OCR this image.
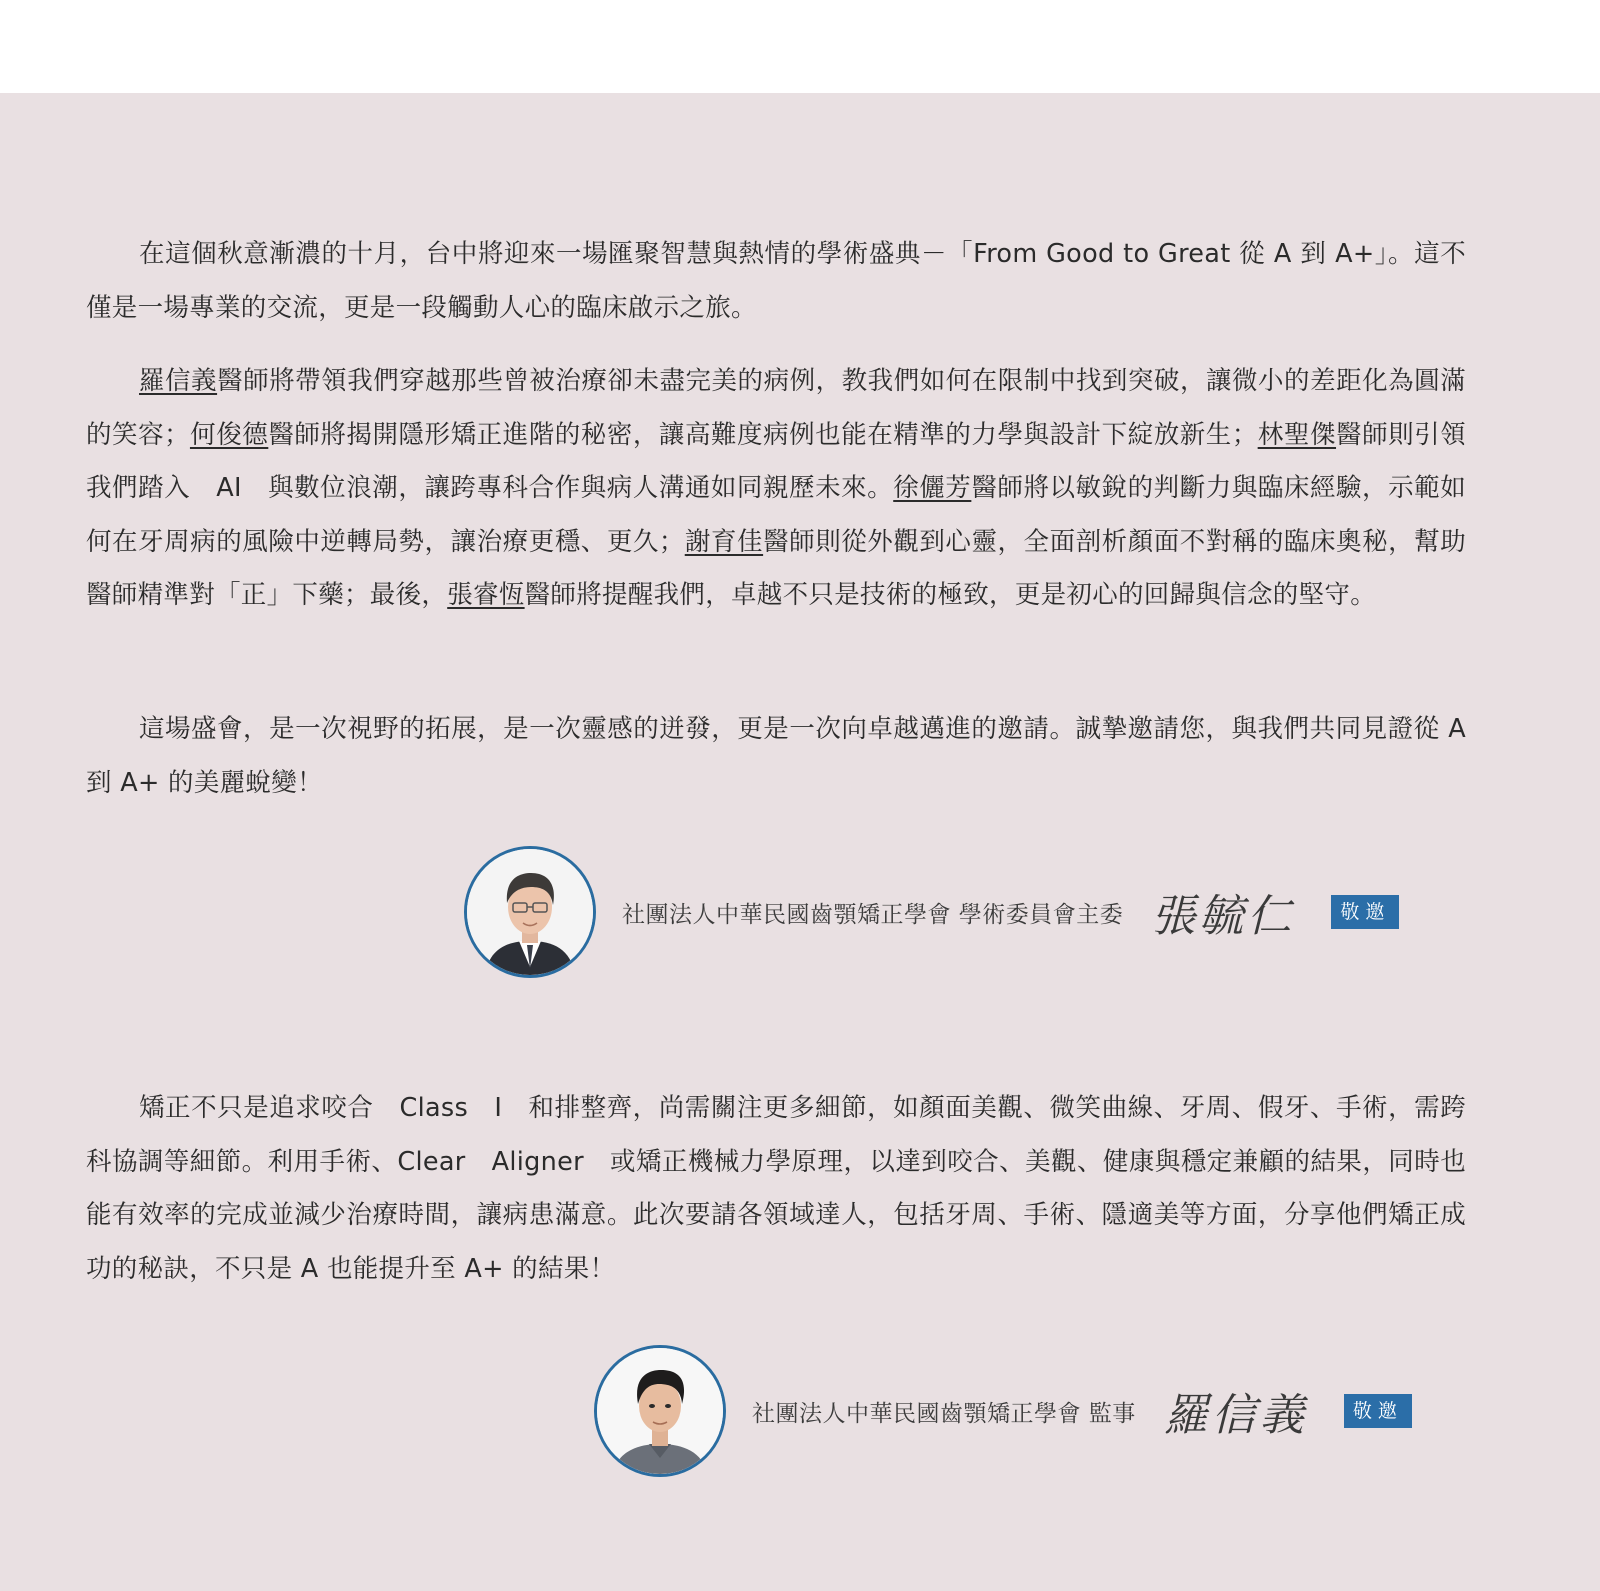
在這個秋意漸濃的十月，台中將迎來一場匯聚智慧與熱情的學術盛典－「From Good to Great 從 A 到 A+」。這不僅是一場專業的交流，更是一段觸動人心的臨床啟示之旅。

羅信義醫師將帶領我們穿越那些曾被治療卻未盡完美的病例，教我們如何在限制中找到突破，讓微小的差距化為圓滿的笑容；何俊德醫師將揭開隱形矯正進階的秘密，讓高難度病例也能在精準的力學與設計下綻放新生；林聖傑醫師則引領我們踏入　AI　與數位浪潮，讓跨專科合作與病人溝通如同親歷未來。徐儷芳醫師將以敏銳的判斷力與臨床經驗，示範如何在牙周病的風險中逆轉局勢，讓治療更穩、更久；謝育佳醫師則從外觀到心靈，全面剖析顏面不對稱的臨床奧秘，幫助醫師精準對「正」下藥；最後，張睿恆醫師將提醒我們，卓越不只是技術的極致，更是初心的回歸與信念的堅守。

這場盛會，是一次視野的拓展，是一次靈感的迸發，更是一次向卓越邁進的邀請。誠摯邀請您，與我們共同見證從 A 到 A+ 的美麗蛻變！

社團法人中華民國齒顎矯正學會 學術委員會主委 張毓仁	敬邀

矯正不只是追求咬合　Class　I　和排整齊，尚需關注更多細節，如顏面美觀、微笑曲線、牙周、假牙、手術，需跨科協調等細節。利用手術、Clear　Aligner　或矯正機械力學原理，以達到咬合、美觀、健康與穩定兼顧的結果，同時也能有效率的完成並減少治療時間，讓病患滿意。此次要請各領域達人，包括牙周、手術、隱適美等方面，分享他們矯正成功的秘訣，不只是 A 也能提升至 A+ 的結果！

社團法人中華民國齒顎矯正學會 監事 羅信義	敬邀
